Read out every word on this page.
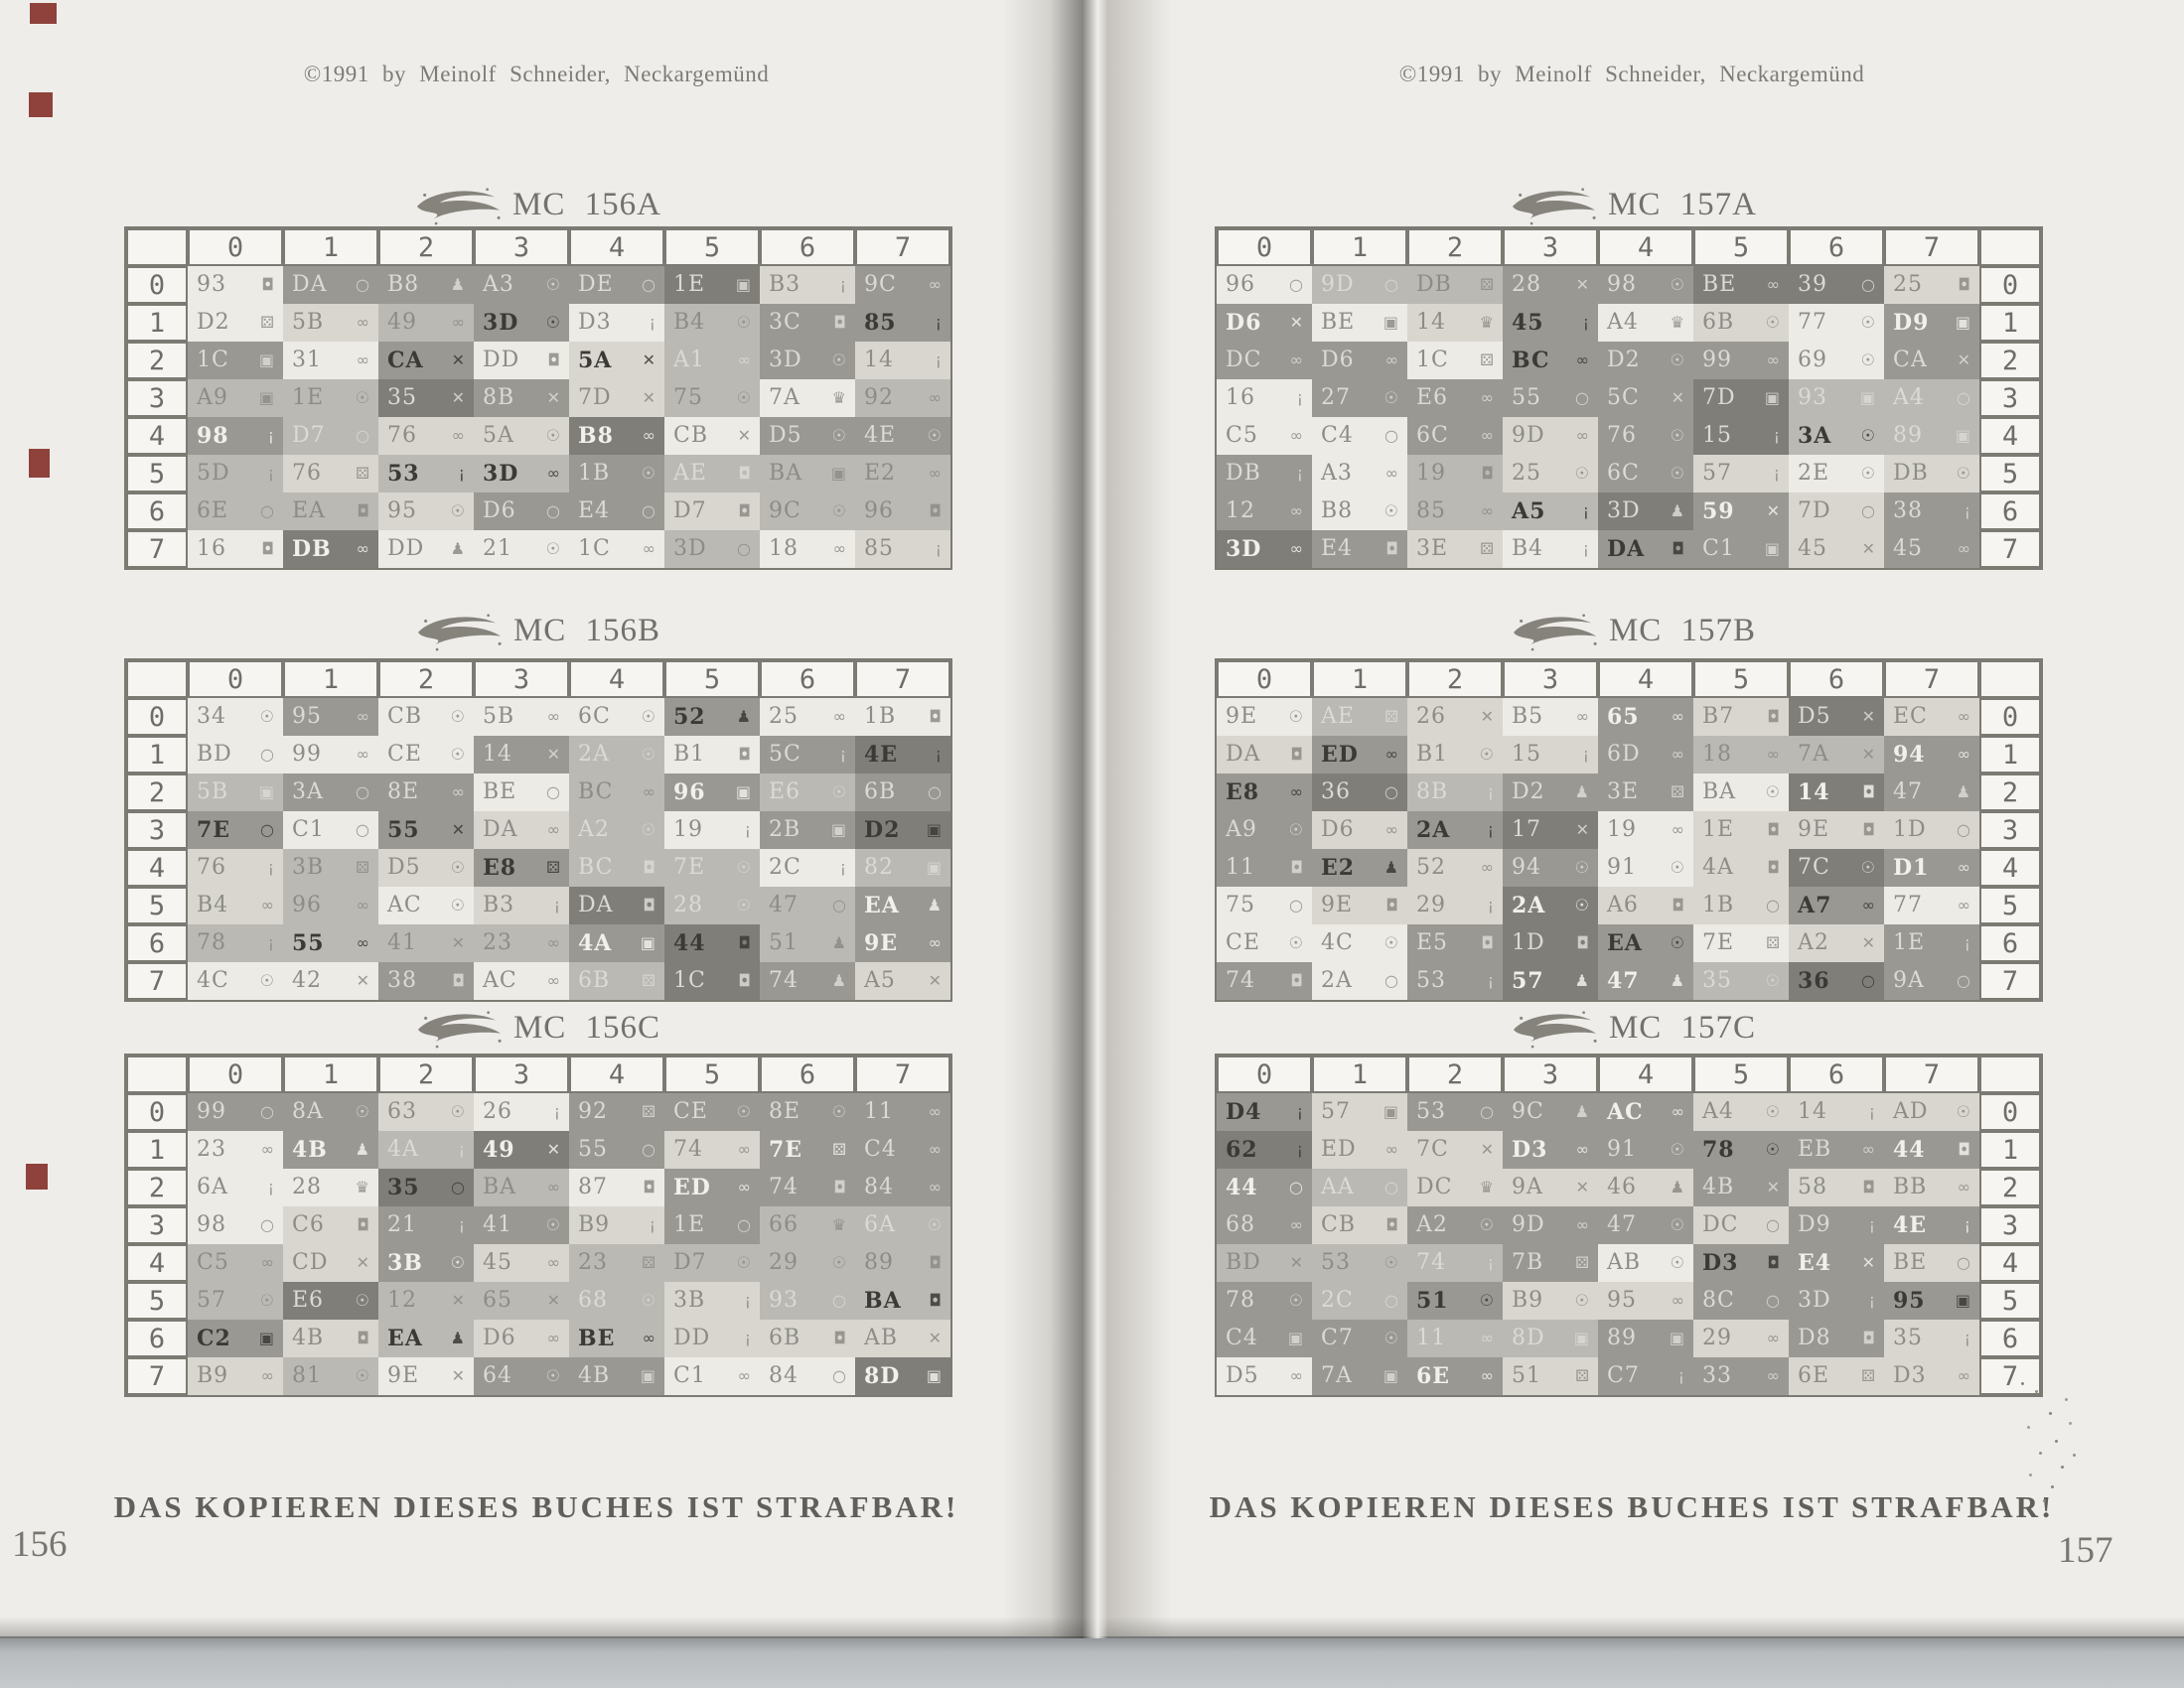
©1991 by Meinolf Schneider, Neckargemünd
MC 156A
0	1	2	3	4	5	6	7
0	93 ◘ DA ○ B8 ♟ A3 ☉ DE ○ 1E ▣ B3 ¡ 9C ∞
1	D2 ⚄ 5B ∞ 49 ∞ 3D ☉ D3 ¡ B4 ☉ 3C ◘ 85 ¡
2	1C ▣ 31 ∞ CA ✕ DD ◘ 5A ✕ A1 ∞ 3D ☉ 14	¡
3	A9 ▣ 1E ☉ 35 ✕ 8B ✕ 7D ✕ 75 ☉ 7A ♛ 92 ∞
4	98 ¡ D7 ○ 76 ∞ 5A ☉ B8 ∞ CB ✕ D5 ☉ 4E ☉
5	5D ¡ 76 ⚄ 53 ¡ 3D ∞ 1B ☉ AE ◘ BA ▣ E2 ∞
6	6E ○ EA ◘ 95 ☉ D6 ○ E4 ○ D7 ◘ 9C ☉ 96 ◘
7	16 ◘ DB ∞ DD ♟ 21 ☉ 1C ∞ 3D ○ 18 ∞ 85	¡
MC 156B
0	1	2	3	4	5	6	7
0	34 ☉ 95 ∞ CB ☉ 5B ∞ 6C ☉ 52 ♟ 25 ∞ 1B ◘
1	BD ○ 99 ∞ CE ☉ 14 ✕ 2A ☉ B1 ◘ 5C ¡ 4E ¡
2	5B ▣ 3A ○ 8E ∞ BE ○ BC ∞ 96 ▣ E6 ☉ 6B ○
3	7E ○ C1 ○ 55 ✕ DA ∞ A2 ☉ 19	¡ 2B ▣ D2 ▣
4	76	¡ 3B ⚄ D5 ☉ E8 ⚄ BC ◘ 7E ☉ 2C ¡ 82 ▣
5	B4 ∞ 96 ∞ AC ☉ B3 ¡ DA ◘ 28 ☉ 47 ○ EA ♟
6	78	¡ 55 ∞ 41 ✕ 23 ∞ 4A ▣ 44 ◘ 51 ♟ 9E ∞
7	4C ☉ 42 ✕ 38 ◘ AC ∞ 6B ⚄ 1C ◘ 74 ♟ A5 ✕
MC 156C
0	1	2	3	4	5	6	7
0	99 ○ 8A ☉ 63 ☉ 26	¡ 92 ⚄ CE ☉ 8E ☉ 11 ∞
1	23 ∞ 4B ♟ 4A ¡ 49 ✕ 55 ○ 74 ∞ 7E ⚄ C4 ∞
2	6A ¡ 28 ♛ 35 ○ BA ∞ 87 ◘ ED ∞ 74 ◘ 84 ∞
3	98 ○ C6 ◘ 21	¡ 41 ☉ B9 ¡ 1E ○ 66 ♛ 6A ☉
4	C5 ∞ CD ✕ 3B ☉ 45 ∞ 23 ⚄ D7 ☉ 29 ☉ 89 ◘
5	57 ☉ E6 ☉ 12 ✕ 65 ✕ 68 ☉ 3B ¡ 93 ○ BA ◘
6	C2 ▣ 4B ◘ EA ♟ D6 ∞ BE ∞ DD ¡ 6B ◘ AB ✕
7	B9 ∞ 81 ☉ 9E ✕ 64 ☉ 4B ▣ C1 ∞ 84 ○ 8D ▣
DAS KOPIEREN DIESES BUCHES IST STRAFBAR!
156
©1991 by Meinolf Schneider, Neckargemünd
MC 157A
0	1	2	3	4	5	6	7
96 ○ 9D ○ DB ⚄ 28 ✕ 98 ☉ BE ∞ 39 ○ 25 ◘	0
D6 ✕ BE ▣ 14 ♛ 45 ¡ A4 ♛ 6B ☉ 77 ☉ D9 ▣	1
DC ∞ D6 ∞ 1C ⚄ BC ∞ D2 ☉ 99 ∞ 69 ☉ CA ✕	2
16	¡ 27 ☉ E6 ∞ 55 ○ 5C ✕ 7D ▣ 93 ▣ A4 ○	3
C5 ∞ C4 ○ 6C ∞ 9D ∞ 76 ☉ 15	¡ 3A ☉ 89 ▣	4
DB ¡ A3 ∞ 19 ◘ 25 ☉ 6C ☉ 57	¡ 2E ☉ DB ☉	5
12 ∞ B8 ☉ 85 ∞ A5 ¡ 3D ♟ 59 ✕ 7D ○ 38	¡	6
3D ∞ E4 ◘ 3E ⚄ B4 ¡ DA ◘ C1 ▣ 45 ✕ 45 ∞	7
MC 157B
0	1	2	3	4	5	6	7
9E ☉ AE ⚄ 26 ✕ B5 ∞ 65 ∞ B7 ◘ D5 ✕ EC ∞	0
DA ◘ ED ∞ B1 ☉ 15	¡ 6D ∞ 18 ∞ 7A ✕ 94 ∞	1
E8 ∞ 36 ○ 8B ¡ D2 ♟ 3E ⚄ BA ☉ 14 ◘ 47 ♟	2
A9 ☉ D6 ∞ 2A ¡ 17 ✕ 19 ∞ 1E ◘ 9E ◘ 1D ○	3
11 ◘ E2 ♟ 52 ∞ 94 ☉ 91 ☉ 4A ◘ 7C ☉ D1 ∞	4
75 ○ 9E ◘ 29	¡ 2A ☉ A6 ◘ 1B ○ A7 ∞ 77 ∞	5
CE ☉ 4C ☉ E5 ◘ 1D ◘ EA ☉ 7E ⚄ A2 ✕ 1E ¡	6
74 ◘ 2A ○ 53	¡ 57 ♟ 47 ♟ 35 ☉ 36 ○ 9A ○	7
MC 157C
0	1	2	3	4	5	6	7
D4 ¡ 57 ▣ 53 ○ 9C ♟ AC ∞ A4 ☉ 14	¡ AD ☉	0
62 ¡ ED ∞ 7C ✕ D3 ∞ 91 ☉ 78 ☉ EB ∞ 44 ◘	1
44 ○ AA ○ DC ♛ 9A ✕ 46 ♟ 4B ✕ 58 ◘ BB ∞	2
68 ∞ CB ◘ A2 ☉ 9D ∞ 47 ☉ DC ○ D9 ¡ 4E ¡	3
BD ✕ 53 ☉ 74	¡ 7B ⚄ AB ☉ D3 ◘ E4 ✕ BE ○	4
78 ☉ 2C ○ 51 ☉ B9 ☉ 95 ∞ 8C ○ 3D ¡ 95 ▣	5
C4 ▣ C7 ☉ 11 ∞ 8D ▣ 89 ▣ 29 ∞ D8 ◘ 35	¡	6
D5 ∞ 7A ▣ 6E ∞ 51 ⚄ C7 ¡ 33 ∞ 6E ⚄ D3 ∞	7
DAS KOPIEREN DIESES BUCHES IST STRAFBAR!
157
